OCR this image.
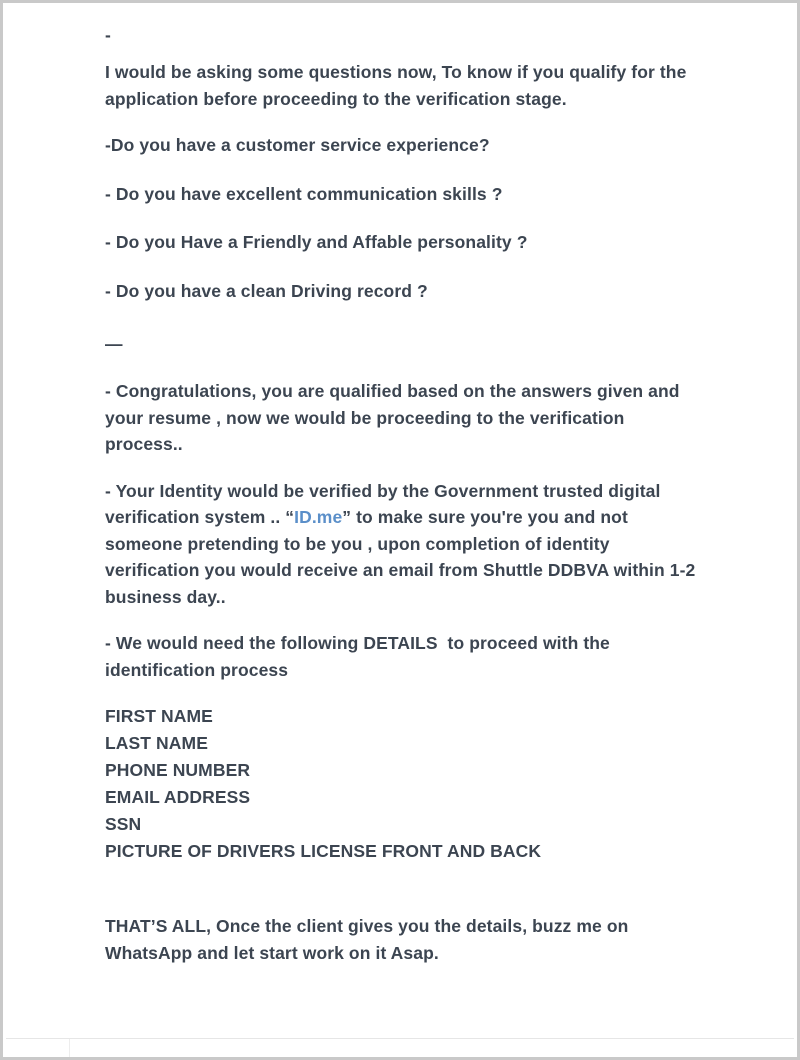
-

I would be asking some questions now, To know if you qualify for the application before proceeding to the verification stage.

-Do you have a customer service experience?

- Do you have excellent communication skills ?

- Do you Have a Friendly and Affable personality ?

- Do you have a clean Driving record ?

—

- Congratulations, you are qualified based on the answers given and your resume , now we would be proceeding to the verification process..

- Your Identity would be verified by the Government trusted digital verification system .. “ID.me” to make sure you're you and not someone pretending to be you , upon completion of identity verification you would receive an email from Shuttle DDBVA within 1-2 business day..

- We would need the following DETAILS  to proceed with the identification process

FIRST NAME
LAST NAME
PHONE NUMBER
EMAIL ADDRESS
SSN
PICTURE OF DRIVERS LICENSE FRONT AND BACK

THAT’S ALL, Once the client gives you the details, buzz me on WhatsApp and let start work on it Asap.
